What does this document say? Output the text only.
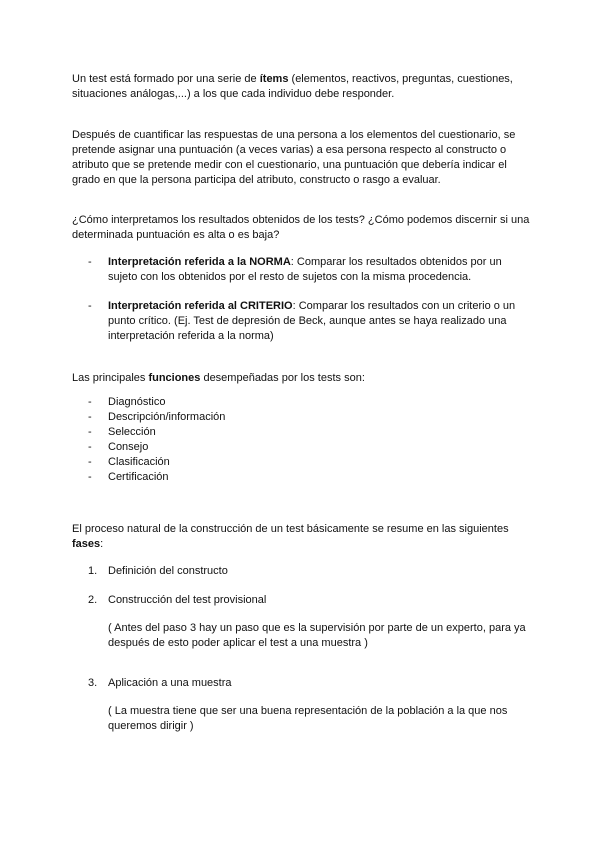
Un test está formado por una serie de ítems (elementos, reactivos, preguntas, cuestiones, situaciones análogas,...) a los que cada individuo debe responder.

Después de cuantificar las respuestas de una persona a los elementos del cuestionario, se pretende asignar una puntuación (a veces varias) a esa persona respecto al constructo o atributo que se pretende medir con el cuestionario, una puntuación que debería indicar el grado en que la persona participa del atributo, constructo o rasgo a evaluar.

¿Cómo interpretamos los resultados obtenidos de los tests? ¿Cómo podemos discernir si una determinada puntuación es alta o es baja?

- Interpretación referida a la NORMA: Comparar los resultados obtenidos por un sujeto con los obtenidos por el resto de sujetos con la misma procedencia.
- Interpretación referida al CRITERIO: Comparar los resultados con un criterio o un punto crítico. (Ej. Test de depresión de Beck, aunque antes se haya realizado una interpretación referida a la norma)

Las principales funciones desempeñadas por los tests son:

- Diagnóstico
- Descripción/información
- Selección
- Consejo
- Clasificación
- Certificación

El proceso natural de la construcción de un test básicamente se resume en las siguientes fases:

1. Definición del constructo
2. Construcción del test provisional

( Antes del paso 3 hay un paso que es la supervisión por parte de un experto, para ya después de esto poder aplicar el test a una muestra )

3. Aplicación a una muestra

( La muestra tiene que ser una buena representación de la población a la que nos queremos dirigir )
